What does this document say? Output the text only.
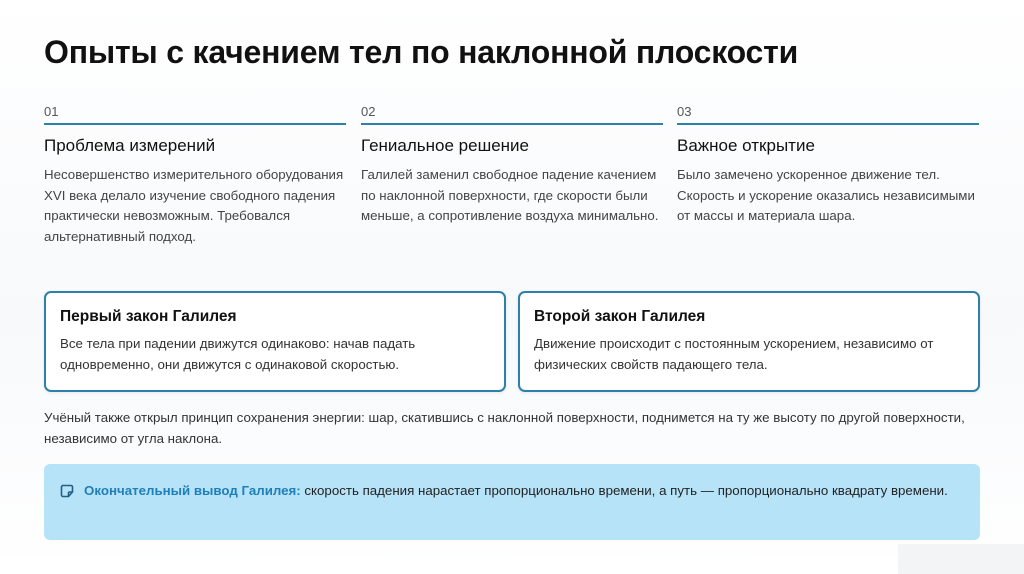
Опыты с качением тел по наклонной плоскости
01
Проблема измерений
Несовершенство измерительного оборудования XVI века делало изучение свободного падения практически невозможным. Требовался альтернативный подход.
02
Гениальное решение
Галилей заменил свободное падение качением по наклонной поверхности, где скорости были меньше, а сопротивление воздуха минимально.
03
Важное открытие
Было замечено ускоренное движение тел. Скорость и ускорение оказались независимыми от массы и материала шара.
Первый закон Галилея
Все тела при падении движутся одинаково: начав падать одновременно, они движутся с одинаковой скоростью.
Второй закон Галилея
Движение происходит с постоянным ускорением, независимо от физических свойств падающего тела.
Учёный также открыл принцип сохранения энергии: шар, скатившись с наклонной поверхности, поднимется на ту же высоту по другой поверхности, независимо от угла наклона.
Окончательный вывод Галилея: скорость падения нарастает пропорционально времени, а путь — пропорционально квадрату времени.
